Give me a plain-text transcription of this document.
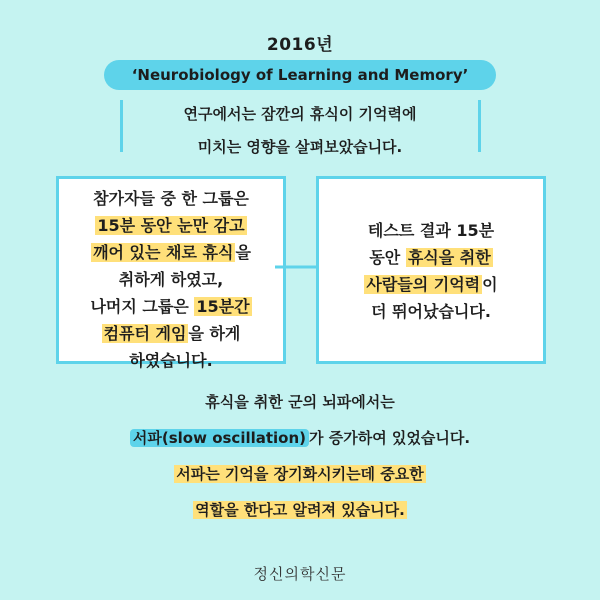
2016년
‘Neurobiology of Learning and Memory’
연구에서는 잠깐의 휴식이 기억력에
미치는 영향을 살펴보았습니다.
참가자들 중 한 그룹은
15분 동안 눈만 감고
깨어 있는 채로 휴식 을
취하게 하였고,
나머지 그룹은 15분간
컴퓨터 게임 을 하게
하였습니다.
테스트 결과 15분
동안 휴식을 취한
사람들의 기억력 이
더 뛰어났습니다.
휴식을 취한 군의 뇌파에서는
서파(slow oscillation) 가 증가하여 있었습니다.
서파는 기억을 장기화시키는데 중요한
역할을 한다고 알려져 있습니다.
정신의학신문
